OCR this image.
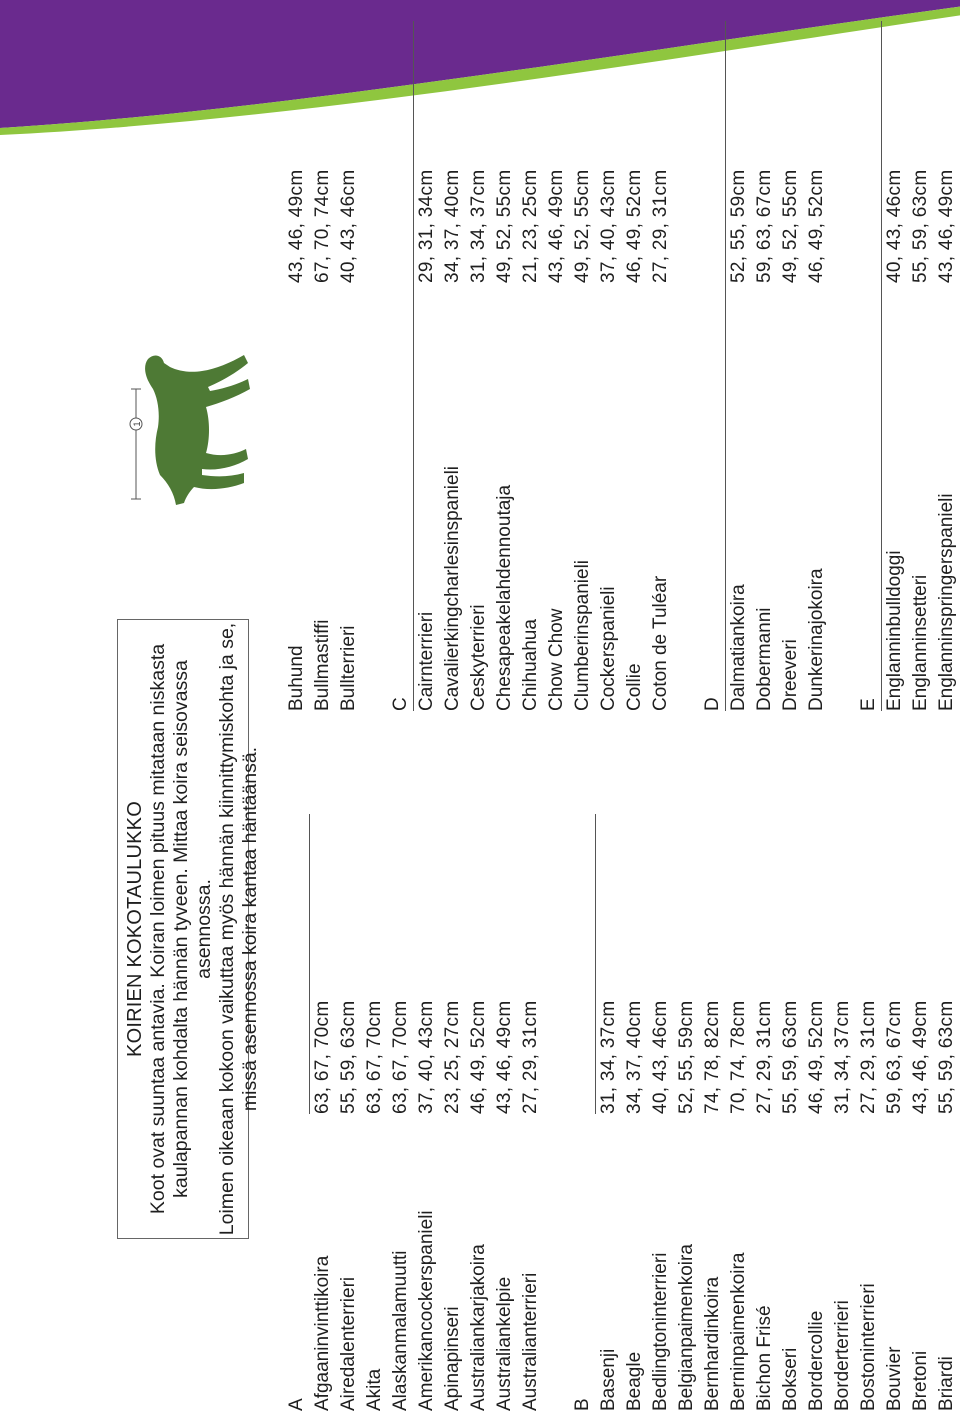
KOIRIEN KOKOTAULUKKO Koot ovat suuntaa antavia. Koiran loimen pituus mitataan niskasta kaulapannan kohdalta hännän tyveen. Mittaa koira seisovassa asennossa. Loimen oikeaan kokoon vaikuttaa myös hännän kiinnittymiskohta ja se, missä asennossa koira kantaa häntäänsä.
1
A Afgaaninvinttikoira
63, 67, 70cm
Airedalenterrieri
55, 59, 63cm
Akita
63, 67, 70cm
Alaskanmalamuutti
63, 67, 70cm
Amerikancockerspanieli
37, 40, 43cm
Apinapinseri
23, 25, 27cm
Australiankarjakoira
46, 49, 52cm
Australiankelpie
43, 46, 49cm
Australianterrieri
27, 29, 31cm
B Basenji
31, 34, 37cm
Beagle
34, 37, 40cm
Bedlingtoninterrieri
40, 43, 46cm
Belgianpaimenkoira
52, 55, 59cm
Bernhardinkoira
74, 78, 82cm
Berninpaimenkoira
70, 74, 78cm
Bichon Frisé
27, 29, 31cm
Bokseri
55, 59, 63cm
Bordercollie
46, 49, 52cm
Borderterrieri
31, 34, 37cm
Bostoninterrieri
27, 29, 31cm
Bouvier
59, 63, 67cm
Bretoni
43, 46, 49cm
Briardi
55, 59, 63cm
Buhund
43, 46, 49cm
Bullmastiffi
67, 70, 74cm
Bullterrieri
40, 43, 46cm
C Cairnterrieri
29, 31, 34cm
Cavalierkingcharlesinspanieli
34, 37, 40cm
Ceskyterrieri
31, 34, 37cm
Chesapeakelahdennoutaja
49, 52, 55cm
Chihuahua
21, 23, 25cm
Chow Chow
43, 46, 49cm
Clumberinspanieli
49, 52, 55cm
Cockerspanieli
37, 40, 43cm
Collie
46, 49, 52cm
Coton de Tuléar
27, 29, 31cm
D Dalmatiankoira
52, 55, 59cm
Dobermanni
59, 63, 67cm
Dreeveri
49, 52, 55cm
Dunkerinajokoira
46, 49, 52cm
E Englanninbulldoggi
40, 43, 46cm
Englanninsetteri
55, 59, 63cm
Englanninspringerspanieli
43, 46, 49cm
